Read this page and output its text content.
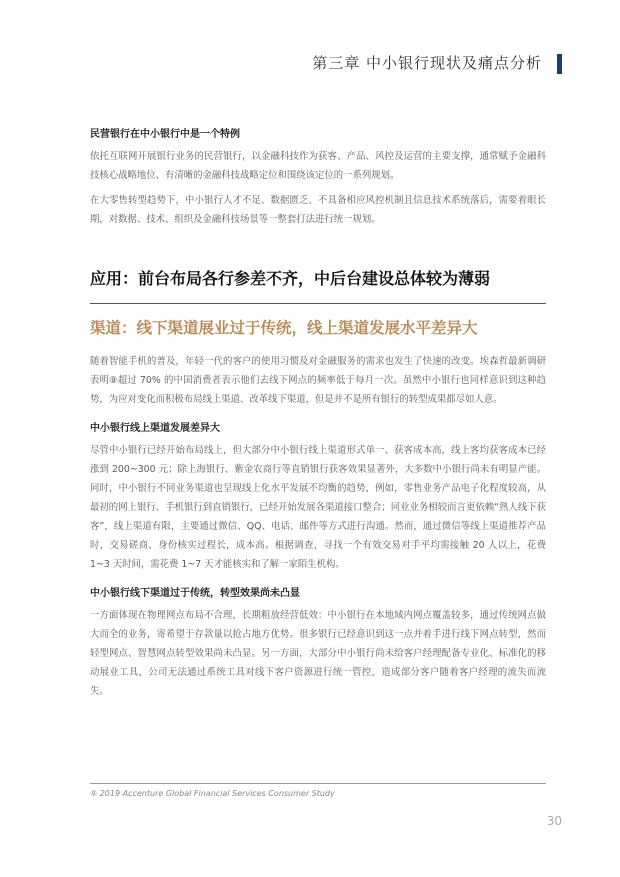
第三章 中小银行现状及痛点分析
民营银行在中小银行中是一个特例

依托互联网开展银行业务的民营银行，以金融科技作为获客、产品、风控及运营的主要支撑，通常赋予金融科技核心战略地位、有清晰的金融科技战略定位和围绕该定位的一系列规划。

在大零售转型趋势下，中小银行人才不足、数据匮乏、不具备相应风控机制且信息技术系统落后，需要着眼长期，对数据、技术、组织及金融科技场景等一整套打法进行统一规划。

应用：前台布局各行参差不齐，中后台建设总体较为薄弱
渠道：线下渠道展业过于传统，线上渠道发展水平差异大

随着智能手机的普及，年轻一代的客户的使用习惯及对金融服务的需求也发生了快速的改变。埃森哲最新调研表明⑨超过 70% 的中国消费者表示他们去线下网点的频率低于每月一次。虽然中小银行也同样意识到这种趋势，为应对变化而积极布局线上渠道、改革线下渠道，但是并不是所有银行的转型成果都尽如人意。

中小银行线上渠道发展差异大

尽管中小银行已经开始布局线上，但大部分中小银行线上渠道形式单一、获客成本高，线上客均获客成本已经涨到 200~300 元；除上海银行、紫金农商行等直销银行获客效果显著外，大多数中小银行尚未有明显产能。同时，中小银行不同业务渠道也呈现线上化水平发展不均衡的趋势，例如，零售业务产品电子化程度较高，从最初的网上银行、手机银行到直销银行，已经开始发展各渠道接口整合；同业业务相较而言更依赖“熟人线下获客”，线上渠道有限，主要通过微信、QQ、电话、邮件等方式进行沟通。然而，通过微信等线上渠道推荐产品时，交易磋商、身份核实过程长，成本高。根据调查，寻找一个有效交易对手平均需接触 20 人以上，花费 1~3 天时间，需花费 1~7 天才能核实和了解一家陌生机构。

中小银行线下渠道过于传统，转型效果尚未凸显

一方面体现在物理网点布局不合理，长期粗放经营低效：中小银行在本地域内网点覆盖较多，通过传统网点做大而全的业务，寄希望于存款量以抢占地方优势。很多银行已经意识到这一点并着手进行线下网点转型，然而轻型网点、智慧网点转型效果尚未凸显。另一方面，大部分中小银行尚未给客户经理配备专业化、标准化的移动展业工具，公司无法通过系统工具对线下客户资源进行统一管控，造成部分客户随着客户经理的流失而流失。

⑨ 2019 Accenture Global Financial Services Consumer Study
30
